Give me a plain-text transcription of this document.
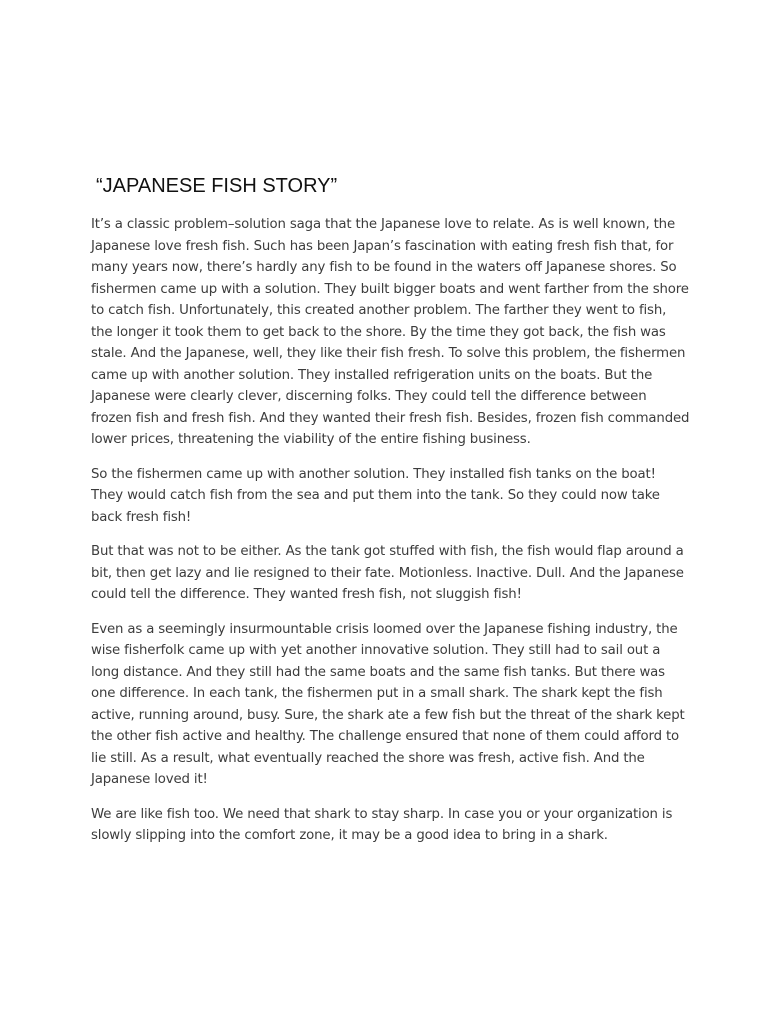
“JAPANESE FISH STORY”

It’s a classic problem–solution saga that the Japanese love to relate. As is well known, the Japanese love fresh fish. Such has been Japan’s fascination with eating fresh fish that, for many years now, there’s hardly any fish to be found in the waters off Japanese shores. So fishermen came up with a solution. They built bigger boats and went farther from the shore to catch fish. Unfortunately, this created another problem. The farther they went to fish, the longer it took them to get back to the shore. By the time they got back, the fish was stale. And the Japanese, well, they like their fish fresh. To solve this problem, the fishermen came up with another solution. They installed refrigeration units on the boats. But the Japanese were clearly clever, discerning folks. They could tell the difference between frozen fish and fresh fish. And they wanted their fresh fish. Besides, frozen fish commanded lower prices, threatening the viability of the entire fishing business.

So the fishermen came up with another solution. They installed fish tanks on the boat! They would catch fish from the sea and put them into the tank. So they could now take back fresh fish!

But that was not to be either. As the tank got stuffed with fish, the fish would flap around a bit, then get lazy and lie resigned to their fate. Motionless. Inactive. Dull. And the Japanese could tell the difference. They wanted fresh fish, not sluggish fish!

Even as a seemingly insurmountable crisis loomed over the Japanese fishing industry, the wise fisherfolk came up with yet another innovative solution. They still had to sail out a long distance. And they still had the same boats and the same fish tanks. But there was one difference. In each tank, the fishermen put in a small shark. The shark kept the fish active, running around, busy. Sure, the shark ate a few fish but the threat of the shark kept the other fish active and healthy. The challenge ensured that none of them could afford to lie still. As a result, what eventually reached the shore was fresh, active fish. And the Japanese loved it!

We are like fish too. We need that shark to stay sharp. In case you or your organization is slowly slipping into the comfort zone, it may be a good idea to bring in a shark.
